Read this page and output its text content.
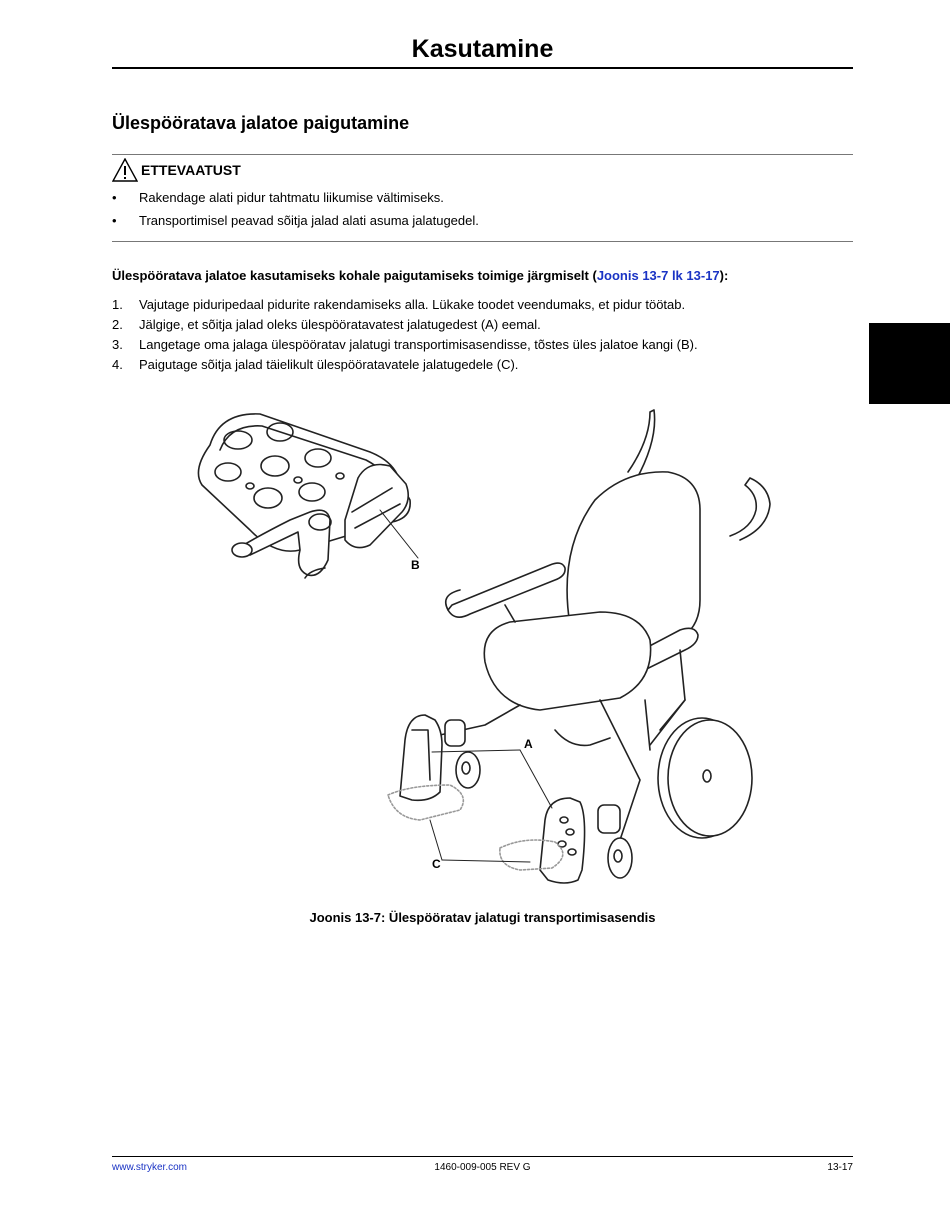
Kasutamine
Ülespööratava jalatoe paigutamine
ETTEVAATUST
•	Rakendage alati pidur tahtmatu liikumise vältimiseks.
•	Transportimisel peavad sõitja jalad alati asuma jalatugedel.
Ülespööratava jalatoe kasutamiseks kohale paigutamiseks toimige järgmiselt (Joonis 13-7 lk 13-17):
1. Vajutage piduripedaal pidurite rakendamiseks alla. Lükake toodet veendumaks, et pidur töötab.
2. Jälgige, et sõitja jalad oleks ülespööratavatest jalatugedest (A) eemal.
3. Langetage oma jalaga ülespööratav jalatugi transportimisasendisse, tõstes üles jalatoe kangi (B).
4. Paigutage sõitja jalad täielikult ülespööratavatele jalatugedele (C).
B
A
C
Joonis 13-7: Ülespööratav jalatugi transportimisasendis
www.stryker.com	1460-009-005 REV G	13-17
